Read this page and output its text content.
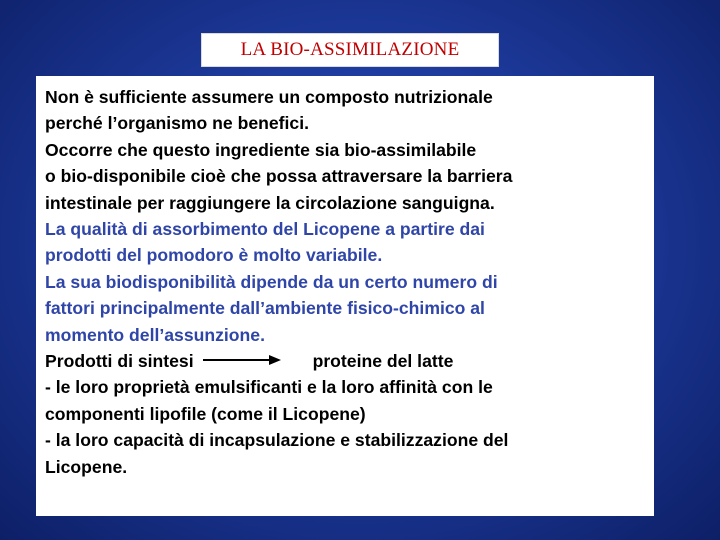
LA BIO-ASSIMILAZIONE
Non è sufficiente assumere un composto nutrizionale
perché l’organismo ne benefici.
Occorre che questo ingrediente sia bio-assimilabile
o bio-disponibile cioè che possa attraversare la barriera
intestinale per raggiungere la circolazione sanguigna.
La qualità di assorbimento del Licopene a partire dai
prodotti del pomodoro è molto variabile.
La sua biodisponibilità dipende da un certo numero di
fattori principalmente dall’ambiente fisico-chimico al
momento dell’assunzione.
Prodotti di sintesi	proteine del latte
- le loro proprietà emulsificanti e la loro affinità con le
componenti lipofile (come il Licopene)
- la loro capacità di incapsulazione e stabilizzazione del
Licopene.
